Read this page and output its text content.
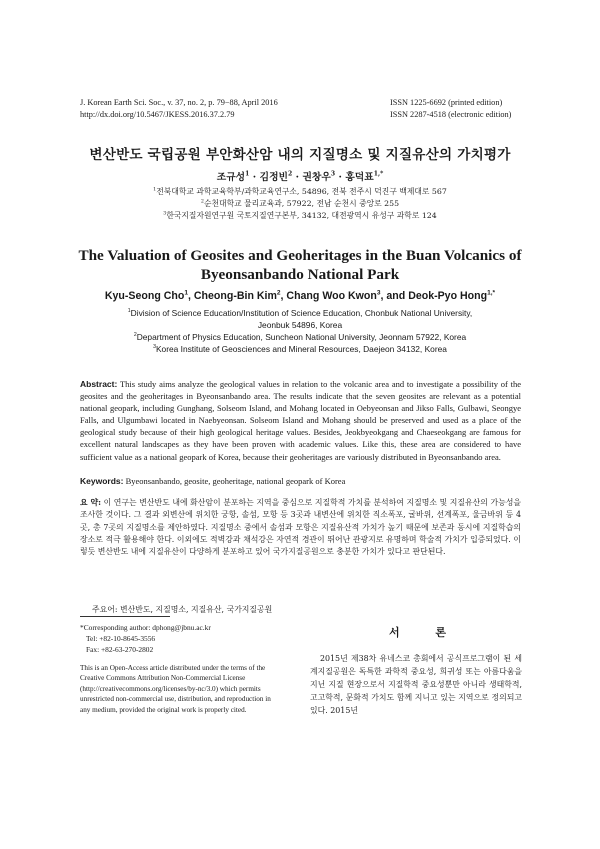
J. Korean Earth Sci. Soc., v. 37, no. 2, p. 79−88, April 2016
http://dx.doi.org/10.5467/JKESS.2016.37.2.79
ISSN 1225-6692 (printed edition)
ISSN 2287-4518 (electronic edition)
변산반도 국립공원 부안화산암 내의 지질명소 및 지질유산의 가치평가
조규성$^1$ · 김정빈$^2$ · 권창우$^3$ · 홍덕표$^{1,*}$
$^1$전북대학교 과학교육학부/과학교육연구소, 54896, 전북 전주시 덕진구 백제대로 567
$^2$순천대학교 물리교육과, 57922, 전남 순천시 중앙로 255
$^3$한국지질자원연구원 국토지질연구본부, 34132, 대전광역시 유성구 과학로 124
The Valuation of Geosites and Geoheritages in the Buan Volcanics of
Byeonsanbando National Park
Kyu-Seong Cho$^1$, Cheong-Bin Kim$^2$, Chang Woo Kwon$^3$, and Deok-Pyo Hong$^{1,*}$
$^1$Division of Science Education/Institution of Science Education, Chonbuk National University,
Jeonbuk 54896, Korea
$^2$Department of Physics Education, Suncheon National University, Jeonnam 57922, Korea
$^3$Korea Institute of Geosciences and Mineral Resources, Daejeon 34132, Korea
Abstract: This study aims analyze the geological values in relation to the volcanic area and to investigate a possibility of the geosites and the geoheritages in Byeonsanbando area. The results indicate that the seven geosites are relevant as a potential national geopark, including Gunghang, Solseom Island, and Mohang located in Oebyeonsan and Jikso Falls, Gulbawi, Seongye Falls, and Ulgumbawi located in Naebyeonsan. Solseom Island and Mohang should be preserved and used as a place of the geological study because of their high geological heritage values. Besides, Jeokbyeokgang and Chaeseokgang are famous for excellent natural landscapes as they have been proven with academic values. Like this, these area are considered to have sufficient value as a national geopark of Korea, because their geoheritages are variously distributed in Byeonsanbando area.
Keywords: Byeonsanbando, geosite, geoheritage, national geopark of Korea
요 약: 이 연구는 변산반도 내에 화산암이 분포하는 지역을 중심으로 지질학적 가치를 분석하여 지질명소 및 지질유산의 가능성을 조사한 것이다. 그 결과 외변산에 위치한 궁항, 솔섬, 모항 등 3곳과 내변산에 위치한 직소폭포, 굴바위, 선계폭포, 울금바위 등 4곳, 총 7곳의 지질명소를 제안하였다. 지질명소 중에서 솔섬과 모항은 지질유산적 가치가 높기 때문에 보존과 동시에 지질학습의 장소로 적극 활용해야 한다. 이외에도 적벽강과 채석강은 자연적 경관이 뛰어난 관광지로 유명하며 학술적 가치가 입증되었다. 이렇듯 변산반도 내에 지질유산이 다양하게 분포하고 있어 국가지질공원으로 충분한 가치가 있다고 판단된다.
주요어: 변산반도, 지질명소, 지질유산, 국가지질공원
*Corresponding author: dphong@jbnu.ac.kr
Tel: +82-10-8645-3556
Fax: +82-63-270-2802
This is an Open-Access article distributed under the terms of the Creative Commons Attribution Non-Commercial License (http://creativecommons.org/licenses/by-nc/3.0) which permits unrestricted non-commercial use, distribution, and reproduction in any medium, provided the original work is properly cited.
서 론
2015년 제38차 유네스코 총회에서 공식프로그램이 된 세계지질공원은 독특한 과학적 중요성, 희귀성 또는 아름다움을 지닌 지질 현장으로서 지질학적 중요성뿐만 아니라 생태학적, 고고학적, 문화적 가치도 함께 지니고 있는 지역으로 정의되고 있다. 2015년
